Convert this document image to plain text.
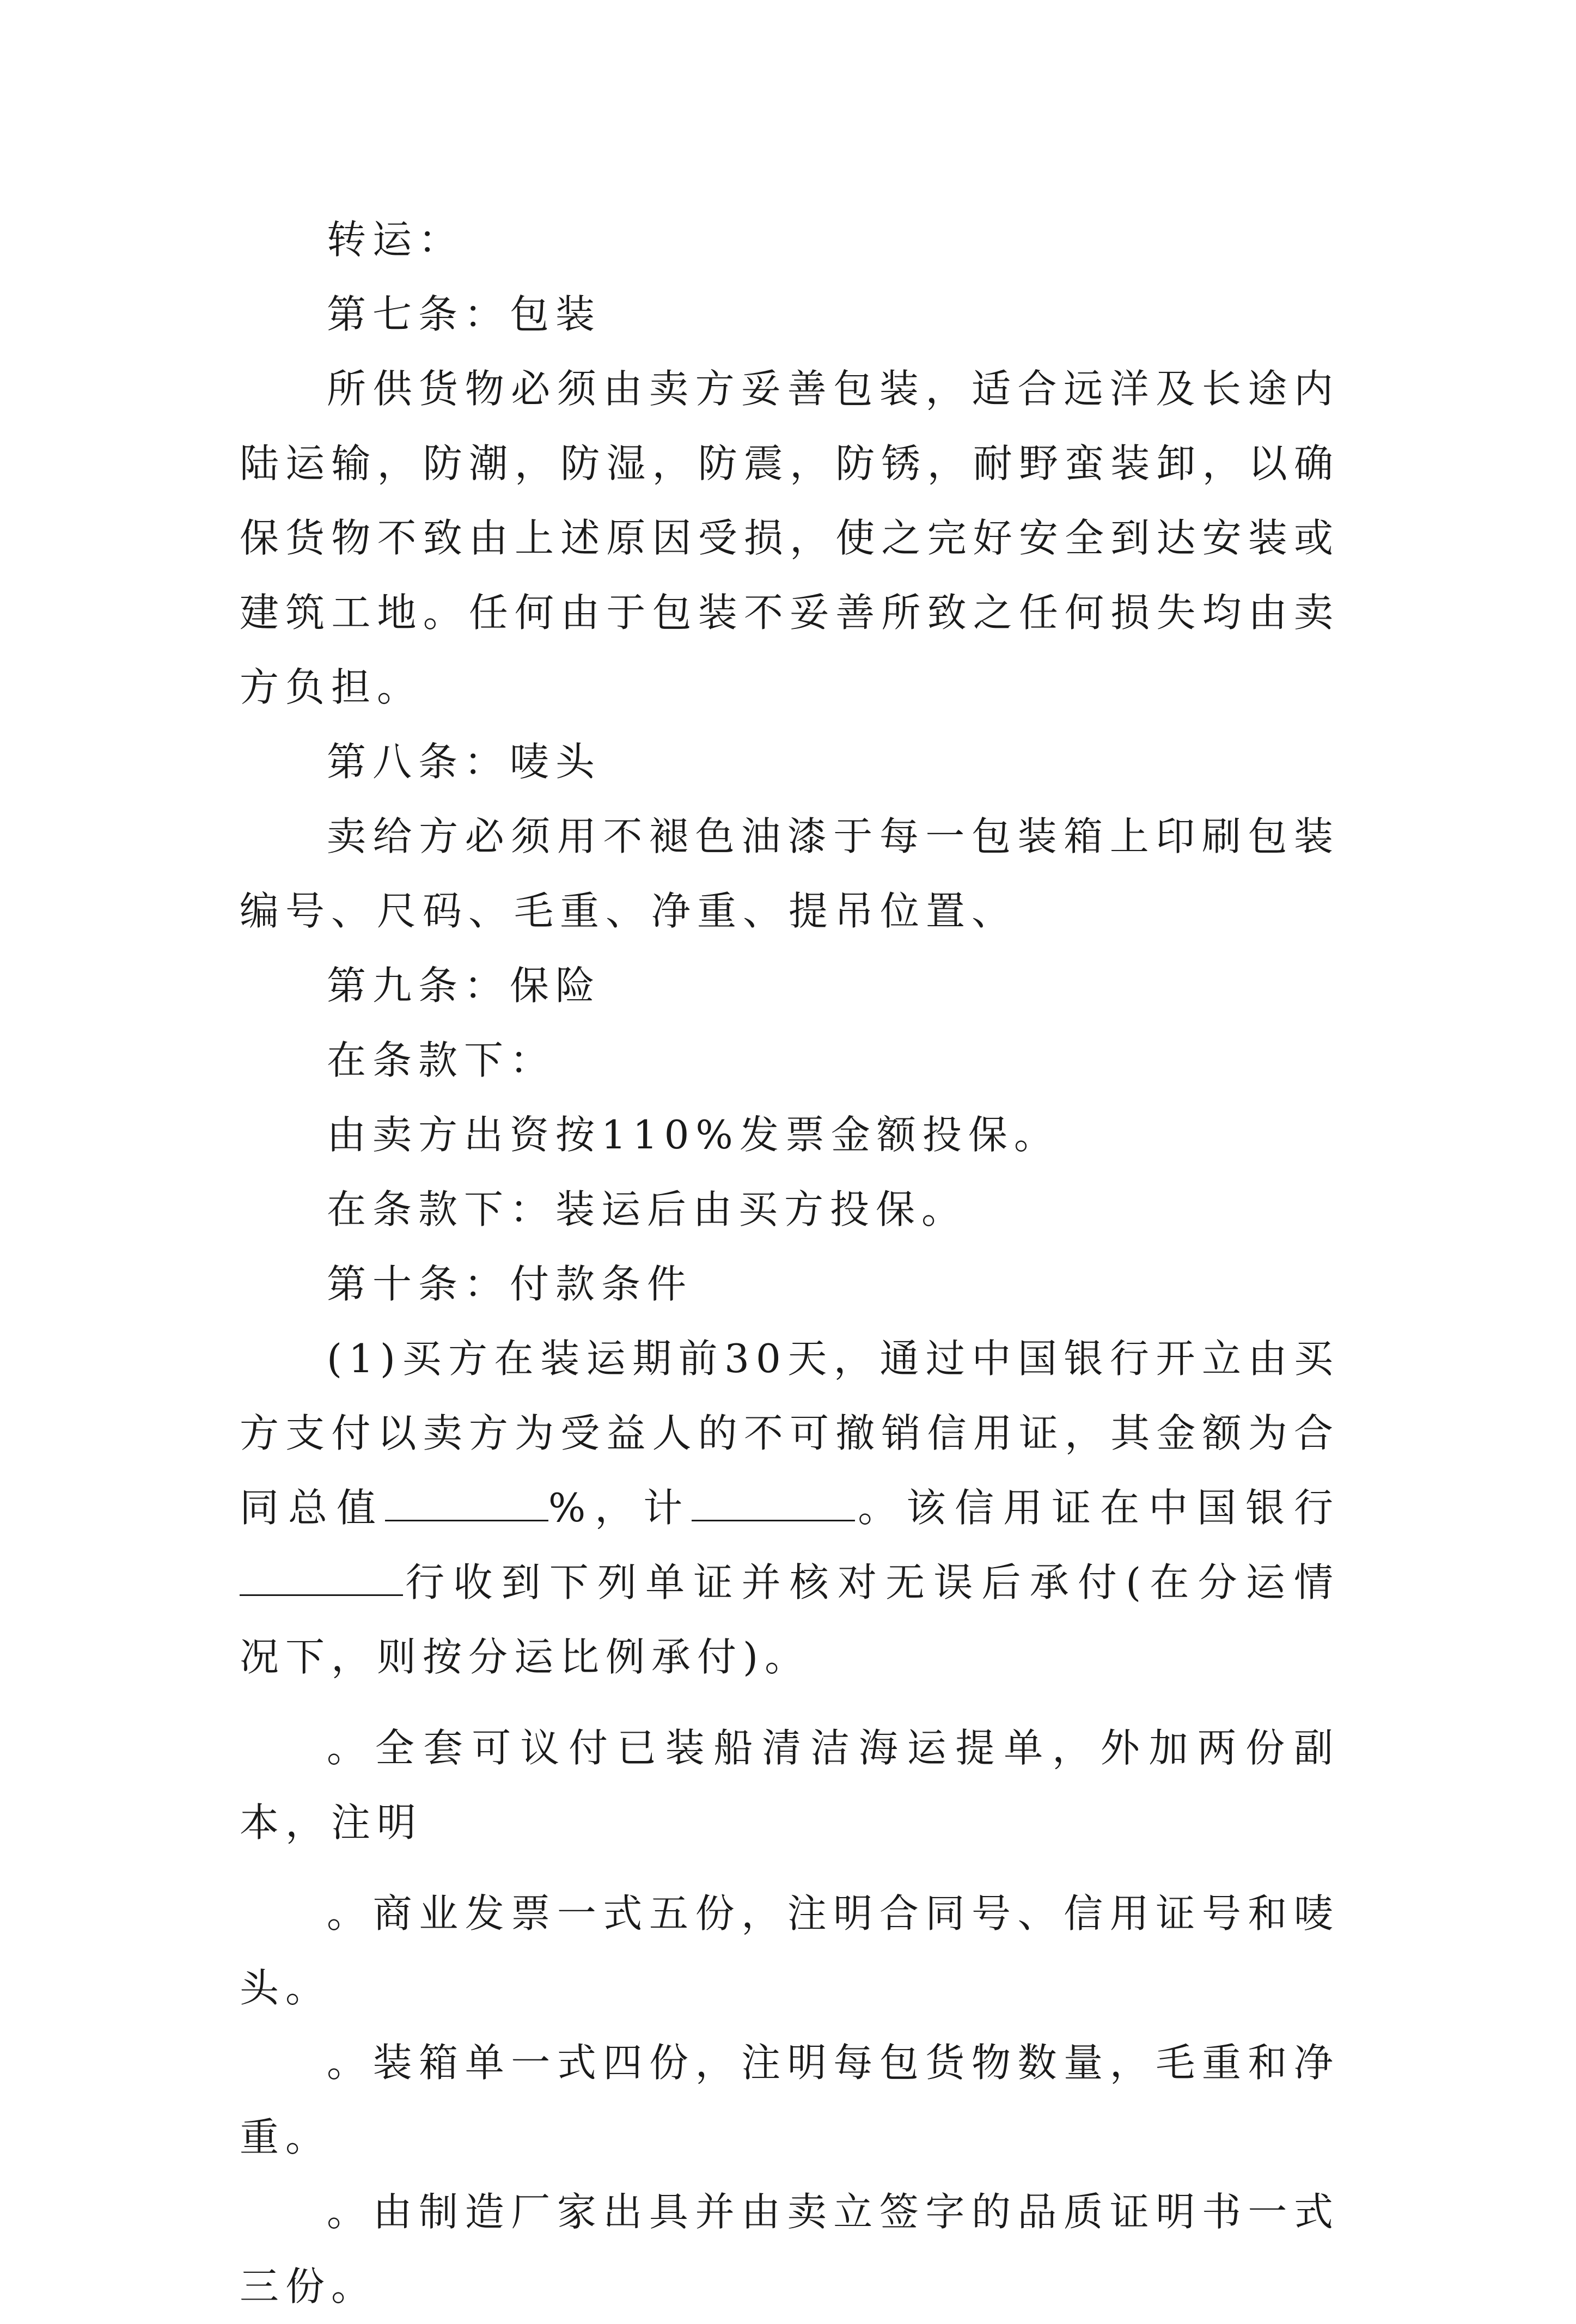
转运：

第七条：包装

所供货物必须由卖方妥善包装，适合远洋及长途内陆运输，防潮，防湿，防震，防锈，耐野蛮装卸，以确保货物不致由上述原因受损，使之完好安全到达安装或建筑工地。任何由于包装不妥善所致之任何损失均由卖方负担。

第八条：唛头

卖给方必须用不褪色油漆于每一包装箱上印刷包装编号、尺码、毛重、净重、提吊位置、

第九条：保险

在条款下：

由卖方出资按110%发票金额投保。

在条款下：装运后由买方投保。

第十条：付款条件

(1)买方在装运期前30天，通过中国银行开立由买方支付以卖方为受益人的不可撤销信用证，其金额为合同总值	%，计	。该信用证在中国银行行收到下列单证并核对无误后承付(在分运情况下，则按分运比例承付)。

。全套可议付已装船清洁海运提单，外加两份副本，注明

。商业发票一式五份，注明合同号、信用证号和唛头。

。装箱单一式四份，注明每包货物数量，毛重和净重。

。由制造厂家出具并由卖立签字的品质证明书一式三份。
